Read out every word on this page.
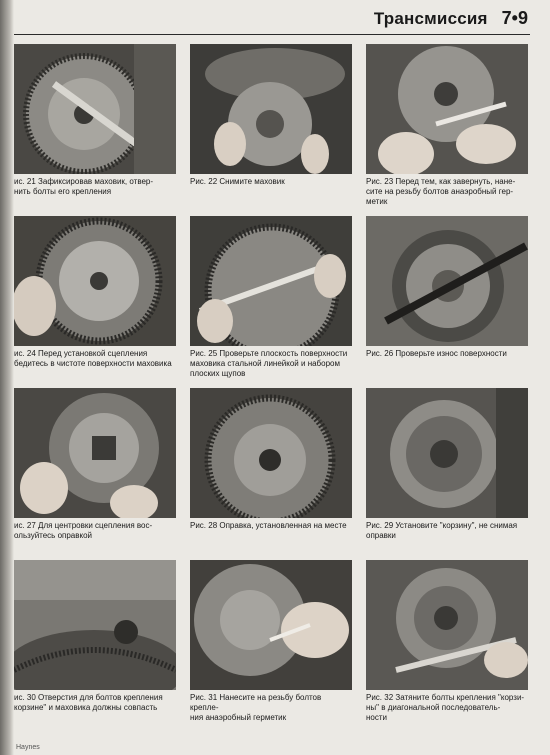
Трансмиссия 7•9
ис. 21 Зафиксировав маховик, отвер-
нить болты его крепления
Рис. 22 Снимите маховик	Рис. 23 Перед тем, как завернуть, нане-
сите на резьбу болтов анаэробный гер-
метик
ис. 24 Перед установкой сцепления
бедитесь в чистоте поверхности маховика
Рис. 25 Проверьте плоскость поверхности
маховика стальной линейкой и набором
плоских щупов
Рис. 26 Проверьте износ поверхности
ис. 27 Для центровки сцепления вос-
ользуйтесь оправкой
Рис. 28 Оправка, установленная на месте	Рис. 29 Установите "корзину", не снимая
оправки
ис. 30 Отверстия для болтов крепления
корзине" и маховика должны совпасть
Рис. 31 Нанесите на резьбу болтов крепле-
ния анаэробный герметик
Рис. 32 Затяните болты крепления "корзи-
ны" в диагональной последователь-
ности
Haynes
